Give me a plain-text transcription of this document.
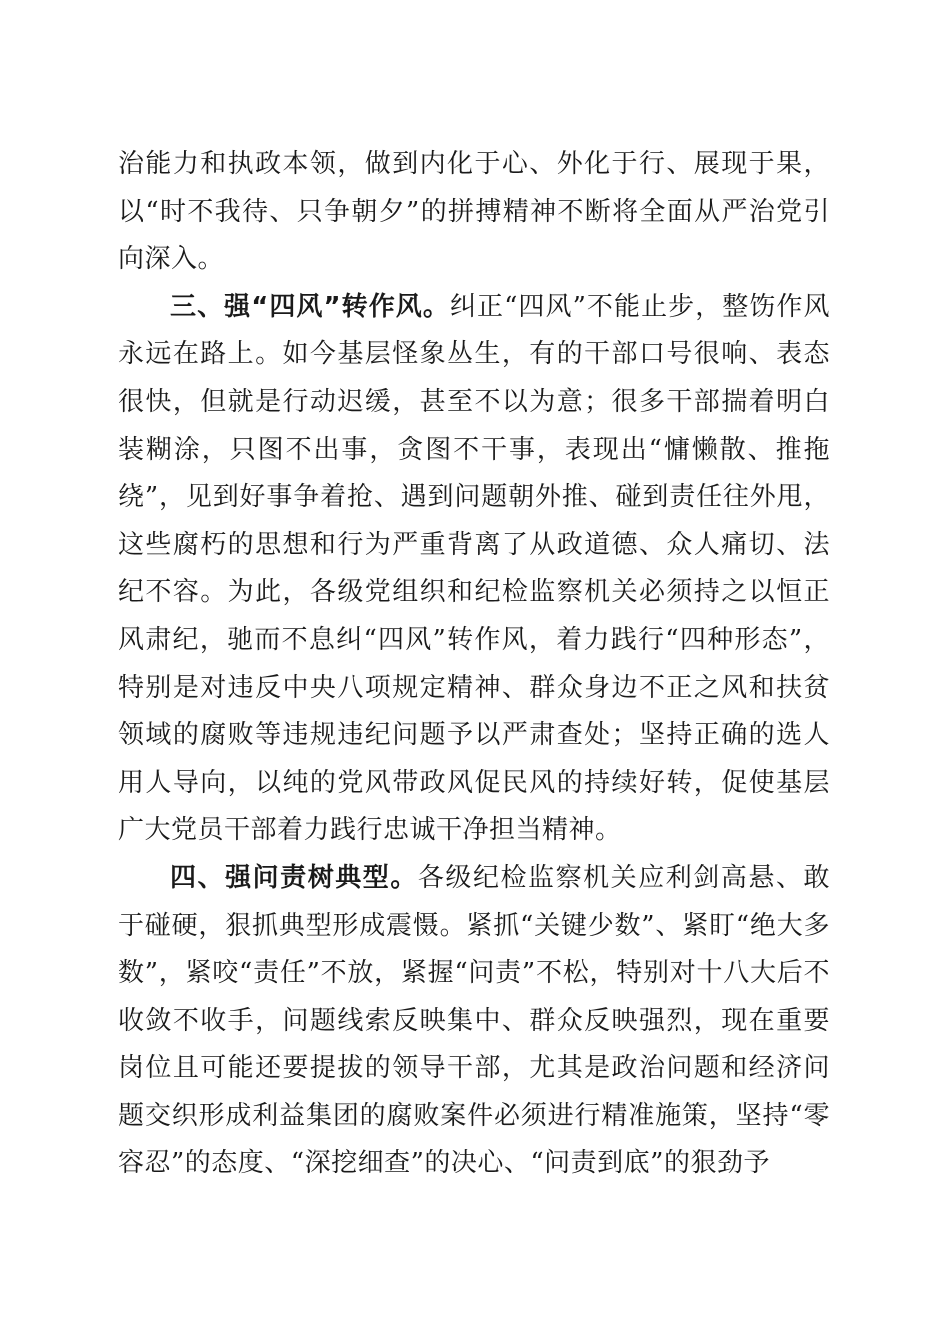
治能力和执政本领，做到内化于心、外化于行、展现于果，以“时不我待、只争朝夕”的拼搏精神不断将全面从严治党引向深入。

三、强“四风”转作风。纠正“四风”不能止步，整饬作风永远在路上。如今基层怪象丛生，有的干部口号很响、表态很快，但就是行动迟缓，甚至不以为意；很多干部揣着明白装糊涂，只图不出事，贪图不干事，表现出“慵懒散、推拖绕”，见到好事争着抢、遇到问题朝外推、碰到责任往外甩，这些腐朽的思想和行为严重背离了从政道德、众人痛切、法纪不容。为此，各级党组织和纪检监察机关必须持之以恒正风肃纪，驰而不息纠“四风”转作风，着力践行“四种形态”，特别是对违反中央八项规定精神、群众身边不正之风和扶贫领域的腐败等违规违纪问题予以严肃查处；坚持正确的选人用人导向，以纯的党风带政风促民风的持续好转，促使基层广大党员干部着力践行忠诚干净担当精神。

四、强问责树典型。各级纪检监察机关应利剑高悬、敢于碰硬，狠抓典型形成震慑。紧抓“关键少数”、紧盯“绝大多数”，紧咬“责任”不放，紧握“问责”不松，特别对十八大后不收敛不收手，问题线索反映集中、群众反映强烈，现在重要岗位且可能还要提拔的领导干部，尤其是政治问题和经济问题交织形成利益集团的腐败案件必须进行精准施策，坚持“零容忍”的态度、“深挖细查”的决心、“问责到底”的狠劲予
